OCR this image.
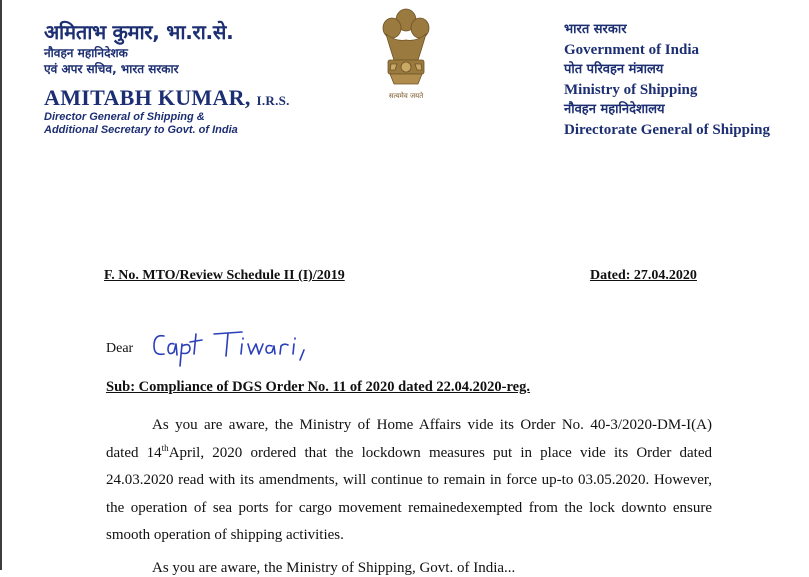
अमिताभ कुमार, भा.रा.से.
नौवहन महानिदेशक
एवं अपर सचिव, भारत सरकार
AMITABH KUMAR, I.R.S.
Director General of Shipping &
Additional Secretary to Govt. of India
सत्यमेव जयते
भारत सरकार
Government of India
पोत परिवहन मंत्रालय
Ministry of Shipping
नौवहन महानिदेशालय
Directorate General of Shipping
F. No. MTO/Review Schedule II (I)/2019	Dated: 27.04.2020
Dear
Sub: Compliance of DGS Order No. 11 of 2020 dated 22.04.2020-reg.
As you are aware, the Ministry of Home Affairs vide its Order No. 40-3/2020-DM-I(A) dated 14thApril, 2020 ordered that the lockdown measures put in place vide its Order dated 24.03.2020 read with its amendments, will continue to remain in force up-to 03.05.2020. However, the operation of sea ports for cargo movement remainedexempted from the lock downto ensure smooth operation of shipping activities.
As you are aware, the Ministry of Shipping, Govt. of India...
